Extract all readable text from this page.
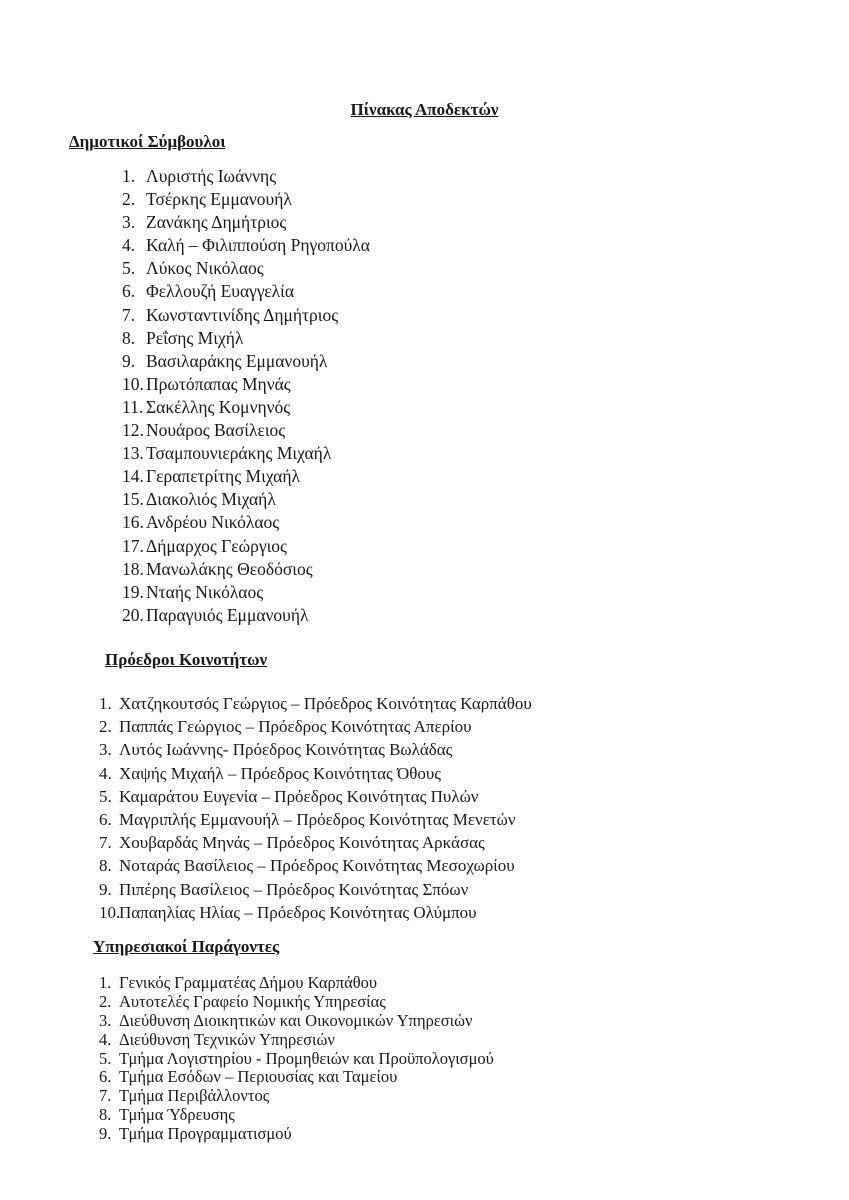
Πίνακας Αποδεκτών
Δημοτικοί Σύμβουλοι
1. Λυριστής Ιωάννης
2. Τσέρκης Εμμανουήλ
3. Ζανάκης Δημήτριος
4. Καλή – Φιλιππούση Ρηγοπούλα
5. Λύκος Νικόλαος
6. Φελλουζή Ευαγγελία
7. Κωνσταντινίδης Δημήτριος
8. Ρεΐσης Μιχήλ
9. Βασιλαράκης Εμμανουήλ
10. Πρωτόπαπας Μηνάς
11. Σακέλλης Κομνηνός
12. Νουάρος Βασίλειος
13. Τσαμπουνιεράκης Μιχαήλ
14. Γεραπετρίτης Μιχαήλ
15. Διακολιός Μιχαήλ
16. Ανδρέου Νικόλαος
17. Δήμαρχος Γεώργιος
18. Μανωλάκης Θεοδόσιος
19. Νταής Νικόλαος
20. Παραγυιός Εμμανουήλ
Πρόεδροι Κοινοτήτων
1. Χατζηκουτσός Γεώργιος – Πρόεδρος Κοινότητας Καρπάθου
2. Παππάς Γεώργιος – Πρόεδρος Κοινότητας Απερίου
3. Λυτός Ιωάννης- Πρόεδρος Κοινότητας Βωλάδας
4. Χαψής Μιχαήλ – Πρόεδρος Κοινότητας Όθους
5. Καμαράτου Ευγενία – Πρόεδρος Κοινότητας Πυλών
6. Μαγριπλής Εμμανουήλ – Πρόεδρος Κοινότητας Μενετών
7. Χουβαρδάς Μηνάς – Πρόεδρος Κοινότητας Αρκάσας
8. Νοταράς Βασίλειος – Πρόεδρος Κοινότητας Μεσοχωρίου
9. Πιπέρης Βασίλειος – Πρόεδρος Κοινότητας Σπόων
10.Παπαηλίας Ηλίας – Πρόεδρος Κοινότητας Ολύμπου
Υπηρεσιακοί Παράγοντες
1. Γενικός Γραμματέας Δήμου Καρπάθου
2. Αυτοτελές Γραφείο Νομικής Υπηρεσίας
3. Διεύθυνση Διοικητικών και Οικονομικών Υπηρεσιών
4. Διεύθυνση Τεχνικών Υπηρεσιών
5. Τμήμα Λογιστηρίου - Προμηθειών και Προϋπολογισμού
6. Τμήμα Εσόδων – Περιουσίας και Ταμείου
7. Τμήμα Περιβάλλοντος
8. Τμήμα Ύδρευσης
9. Τμήμα Προγραμματισμού
